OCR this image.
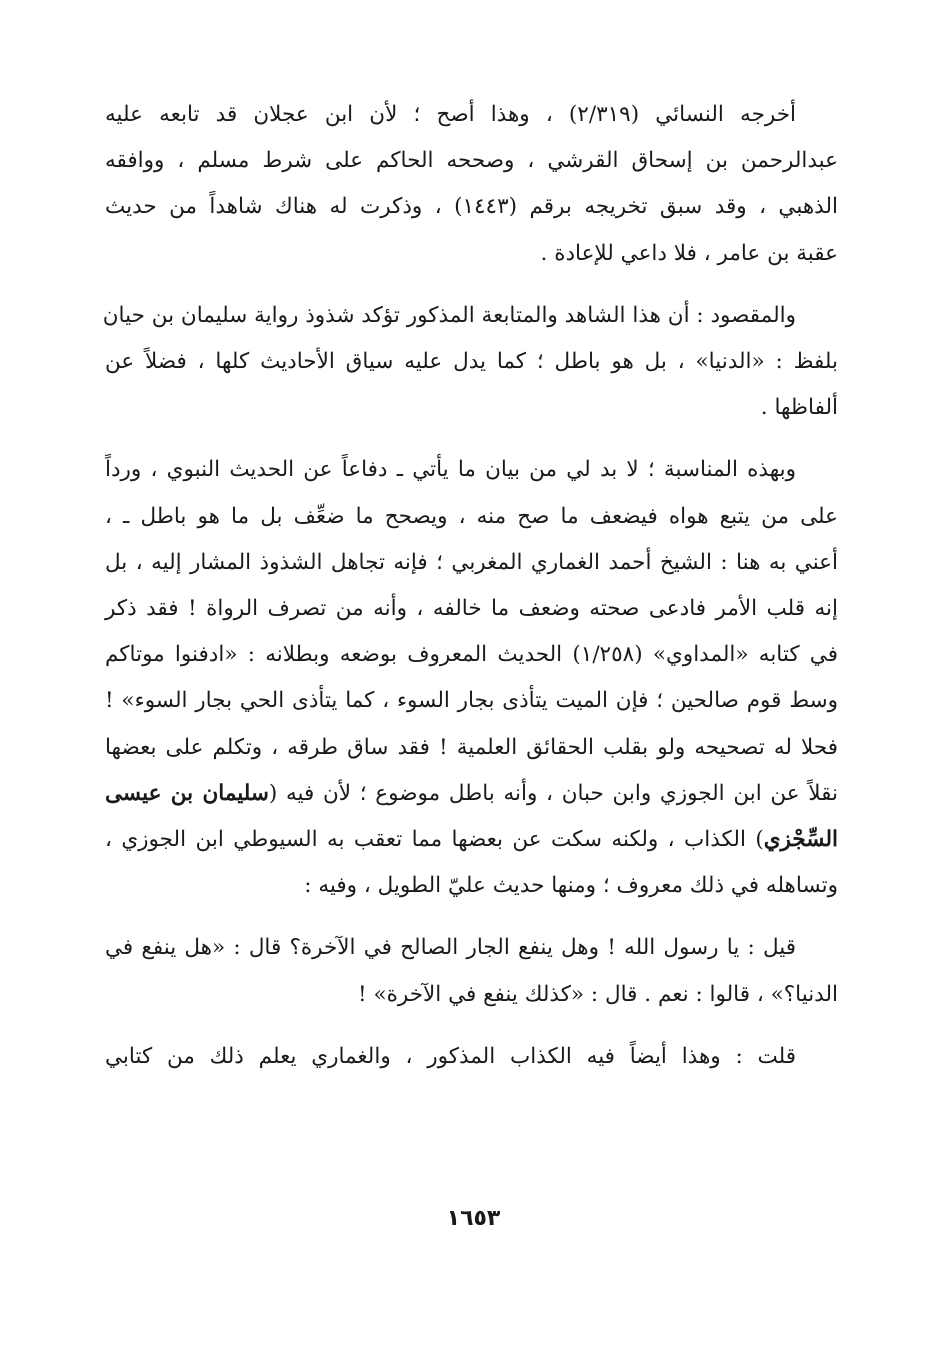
أخرجه النسائي (٢/٣١٩) ، وهذا أصح ؛ لأن ابن عجلان قد تابعه عليه
عبدالرحمن بن إسحاق القرشي ، وصححه الحاكم على شرط مسلم ، ووافقه
الذهبي ، وقد سبق تخريجه برقم (١٤٤٣) ، وذكرت له هناك شاهداً من حديث
عقبة بن عامر ، فلا داعي للإعادة .

والمقصود : أن هذا الشاهد والمتابعة المذكور تؤكد شذوذ رواية سليمان بن حيان
بلفظ : «الدنيا» ، بل هو باطل ؛ كما يدل عليه سياق الأحاديث كلها ، فضلاً عن
ألفاظها .

وبهذه المناسبة ؛ لا بد لي من بيان ما يأتي ـ دفاعاً عن الحديث النبوي ، ورداً
على من يتبع هواه فيضعف ما صح منه ، ويصحح ما ضعِّف بل ما هو باطل ـ ،
أعني به هنا : الشيخ أحمد الغماري المغربي ؛ فإنه تجاهل الشذوذ المشار إليه ، بل
إنه قلب الأمر فادعى صحته وضعف ما خالفه ، وأنه من تصرف الرواة ! فقد ذكر
في كتابه «المداوي» (١/٢٥٨) الحديث المعروف بوضعه وبطلانه : «ادفنوا موتاكم
وسط قوم صالحين ؛ فإن الميت يتأذى بجار السوء ، كما يتأذى الحي بجار السوء» !
فحلا له تصحيحه ولو بقلب الحقائق العلمية ! فقد ساق طرقه ، وتكلم على بعضها
نقلاً عن ابن الجوزي وابن حبان ، وأنه باطل موضوع ؛ لأن فيه (سليمان بن عيسى
السِّجْزي) الكذاب ، ولكنه سكت عن بعضها مما تعقب به السيوطي ابن الجوزي ،
وتساهله في ذلك معروف ؛ ومنها حديث عليّ الطويل ، وفيه :

قيل : يا رسول الله ! وهل ينفع الجار الصالح في الآخرة؟ قال : «هل ينفع في
الدنيا؟» ، قالوا : نعم . قال : «كذلك ينفع في الآخرة» !

قلت : وهذا أيضاً فيه الكذاب المذكور ، والغماري يعلم ذلك من كتابي

١٦٥٣
